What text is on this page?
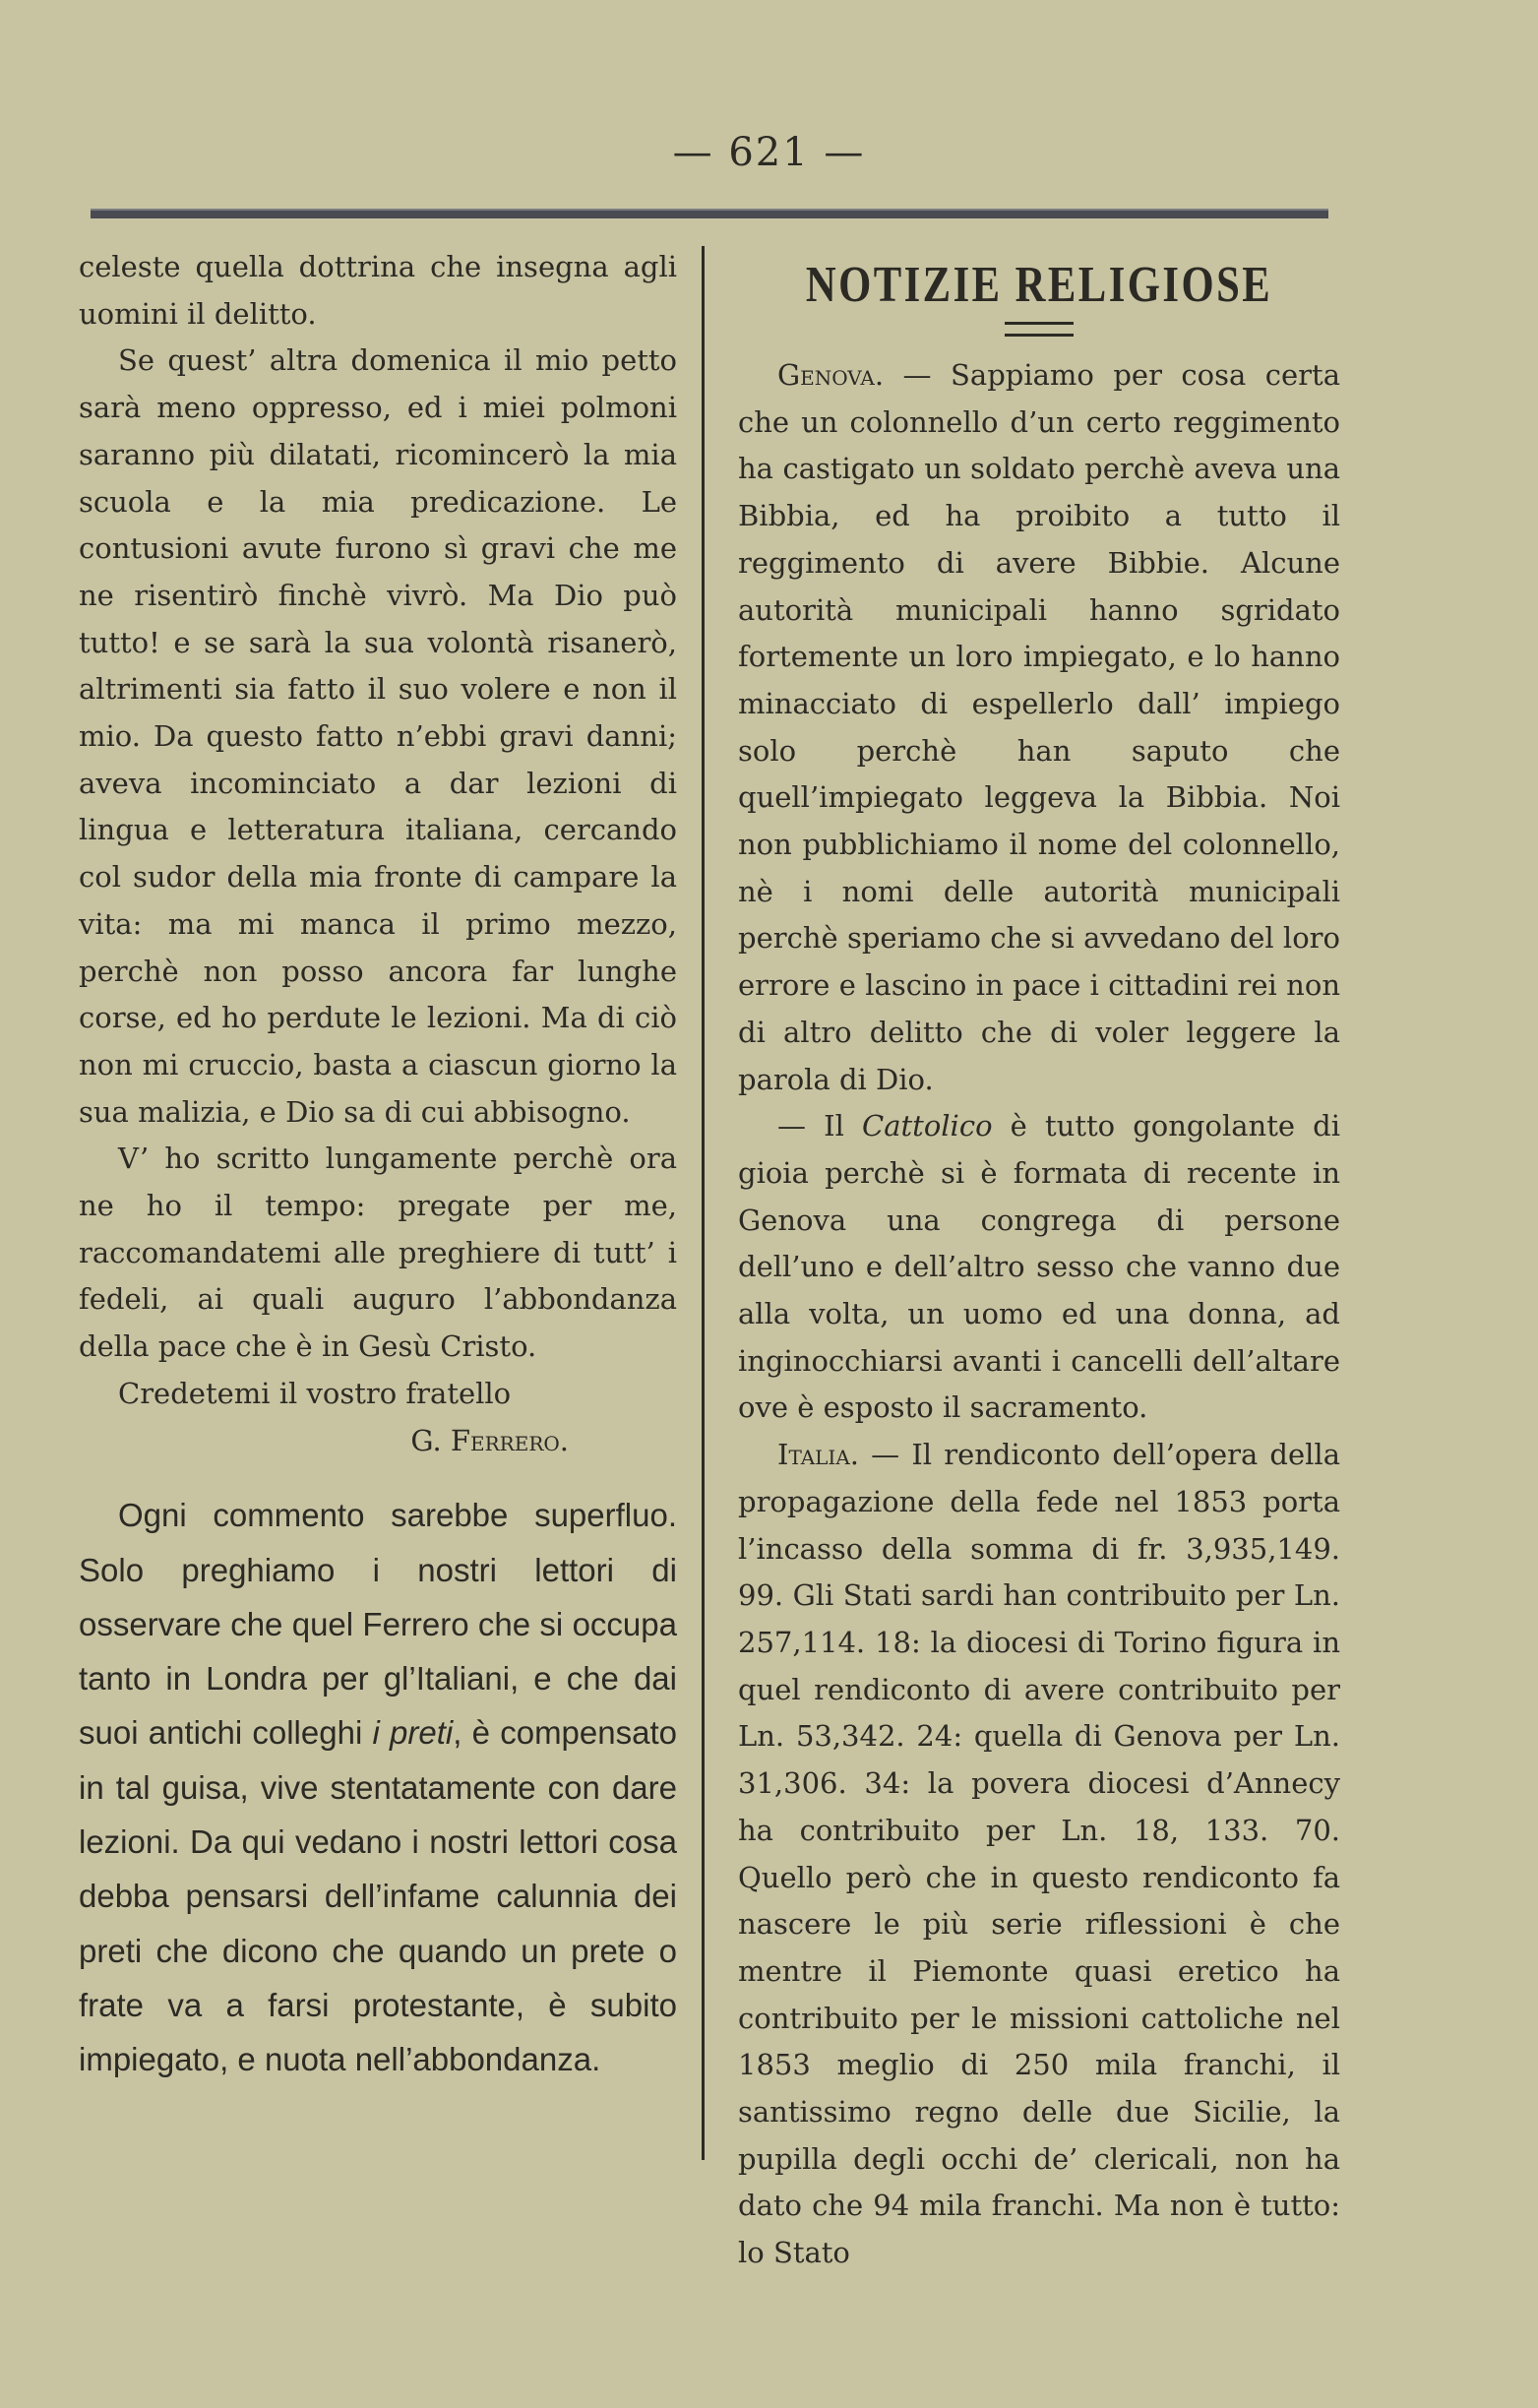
— 621 —

celeste quella dottrina che insegna agli uomini il delitto.

Se quest’ altra domenica il mio petto sarà meno oppresso, ed i miei polmoni saranno più dilatati, ricomincerò la mia scuola e la mia predicazione. Le contusioni avute furono sì gravi che me ne risentirò finchè vivrò. Ma Dio può tutto! e se sarà la sua volontà risanerò, altrimenti sia fatto il suo volere e non il mio. Da questo fatto n’ebbi gravi danni; aveva incominciato a dar lezioni di lingua e letteratura italiana, cercando col sudor della mia fronte di campare la vita: ma mi manca il primo mezzo, perchè non posso ancora far lunghe corse, ed ho perdute le lezioni. Ma di ciò non mi cruccio, basta a ciascun giorno la sua malizia, e Dio sa di cui abbisogno.

V’ ho scritto lungamente perchè ora ne ho il tempo: pregate per me, raccomandatemi alle preghiere di tutt’ i fedeli, ai quali auguro l’abbondanza della pace che è in Gesù Cristo.

Credetemi il vostro fratello

G. Ferrero.

Ogni commento sarebbe superfluo. Solo preghiamo i nostri lettori di osservare che quel Ferrero che si occupa tanto in Londra per gl’Italiani, e che dai suoi antichi colleghi i preti, è compensato in tal guisa, vive stentatamente con dare lezioni. Da qui vedano i nostri lettori cosa debba pensarsi dell’infame calunnia dei preti che dicono che quando un prete o frate va a farsi protestante, è subito impiegato, e nuota nell’abbondanza.

NOTIZIE RELIGIOSE

Genova. — Sappiamo per cosa certa che un colonnello d’un certo reggimento ha castigato un soldato perchè aveva una Bibbia, ed ha proibito a tutto il reggimento di avere Bibbie. Alcune autorità municipali hanno sgridato fortemente un loro impiegato, e lo hanno minacciato di espellerlo dall’ impiego solo perchè han saputo che quell’impiegato leggeva la Bibbia. Noi non pubblichiamo il nome del colonnello, nè i nomi delle autorità municipali perchè speriamo che si avvedano del loro errore e lascino in pace i cittadini rei non di altro delitto che di voler leggere la parola di Dio.

— Il Cattolico è tutto gongolante di gioia perchè si è formata di recente in Genova una congrega di persone dell’uno e dell’altro sesso che vanno due alla volta, un uomo ed una donna, ad inginocchiarsi avanti i cancelli dell’altare ove è esposto il sacramento.

Italia. — Il rendiconto dell’opera della propagazione della fede nel 1853 porta l’incasso della somma di fr. 3,935,149. 99. Gli Stati sardi han contribuito per Ln. 257,114. 18: la diocesi di Torino figura in quel rendiconto di avere contribuito per Ln. 53,342. 24: quella di Genova per Ln. 31,306. 34: la povera diocesi d’Annecy ha contribuito per Ln. 18, 133. 70. Quello però che in questo rendiconto fa nascere le più serie riflessioni è che mentre il Piemonte quasi eretico ha contribuito per le missioni cattoliche nel 1853 meglio di 250 mila franchi, il santissimo regno delle due Sicilie, la pupilla degli occhi de’ clericali, non ha dato che 94 mila franchi. Ma non è tutto: lo Stato
